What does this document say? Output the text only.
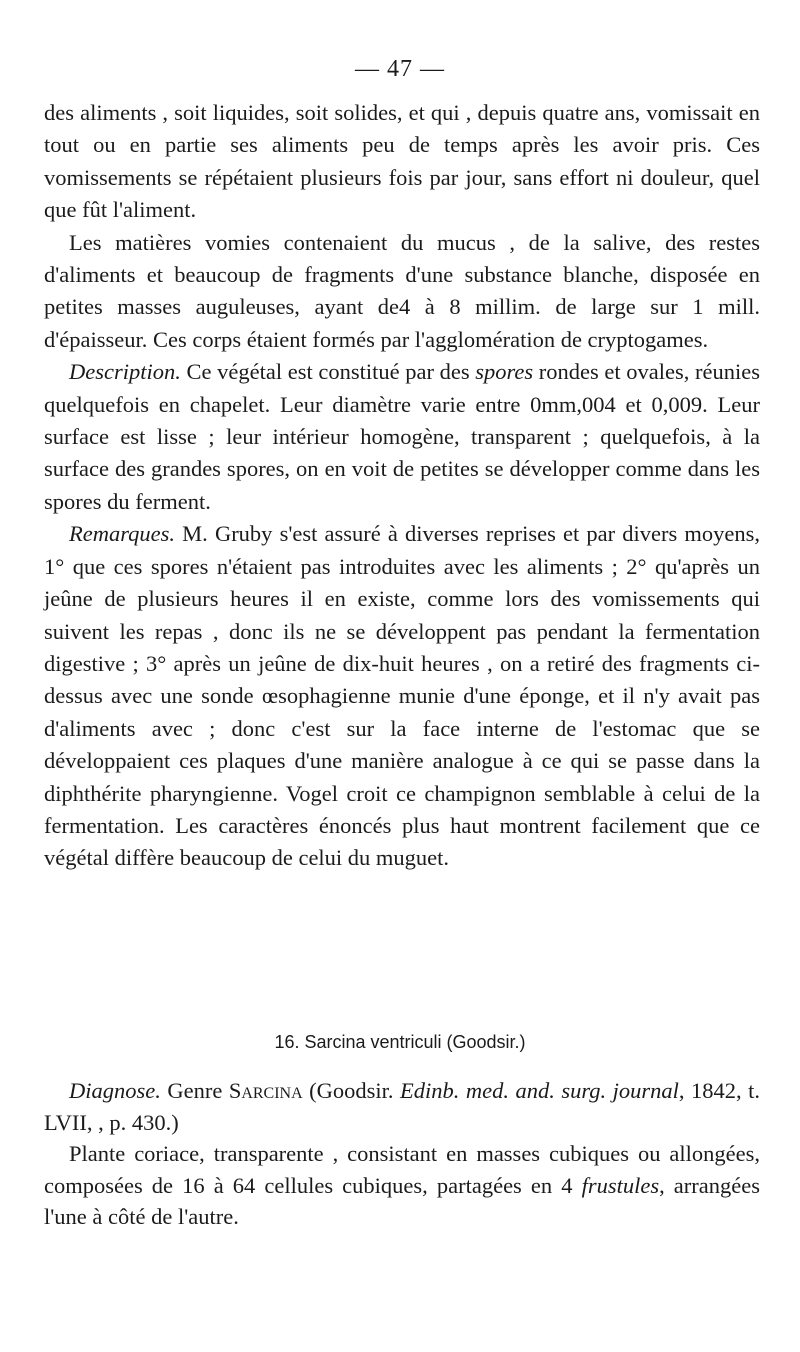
— 47 —

des aliments , soit liquides, soit solides, et qui , depuis quatre ans, vomissait en tout ou en partie ses aliments peu de temps après les avoir pris. Ces vomissements se répétaient plusieurs fois par jour, sans effort ni douleur, quel que fût l'aliment.

Les matières vomies contenaient du mucus , de la salive, des restes d'aliments et beaucoup de fragments d'une substance blanche, disposée en petites masses auguleuses, ayant de4 à 8 millim. de large sur 1 mill. d'épaisseur. Ces corps étaient formés par l'agglomération de cryptogames.

Description. Ce végétal est constitué par des spores rondes et ovales, réunies quelquefois en chapelet. Leur diamètre varie entre 0mm,004 et 0,009. Leur surface est lisse ; leur intérieur homogène, transparent ; quelquefois, à la surface des grandes spores, on en voit de petites se développer comme dans les spores du ferment.

Remarques. M. Gruby s'est assuré à diverses reprises et par divers moyens, 1° que ces spores n'étaient pas introduites avec les aliments ; 2° qu'après un jeûne de plusieurs heures il en existe, comme lors des vomissements qui suivent les repas , donc ils ne se développent pas pendant la fermentation digestive ; 3° après un jeûne de dix-huit heures , on a retiré des fragments ci-dessus avec une sonde œsophagienne munie d'une éponge, et il n'y avait pas d'aliments avec ; donc c'est sur la face interne de l'estomac que se développaient ces plaques d'une manière analogue à ce qui se passe dans la diphthérite pharyngienne. Vogel croit ce champignon semblable à celui de la fermentation. Les caractères énoncés plus haut montrent facilement que ce végétal diffère beaucoup de celui du muguet.

16. Sarcina ventriculi (Goodsir.)

Diagnose. Genre Sarcina (Goodsir. Edinb. med. and. surg. journal, 1842, t. LVII, , p. 430.)

Plante coriace, transparente , consistant en masses cubiques ou allongées, composées de 16 à 64 cellules cubiques, partagées en 4 frustules, arrangées l'une à côté de l'autre.
